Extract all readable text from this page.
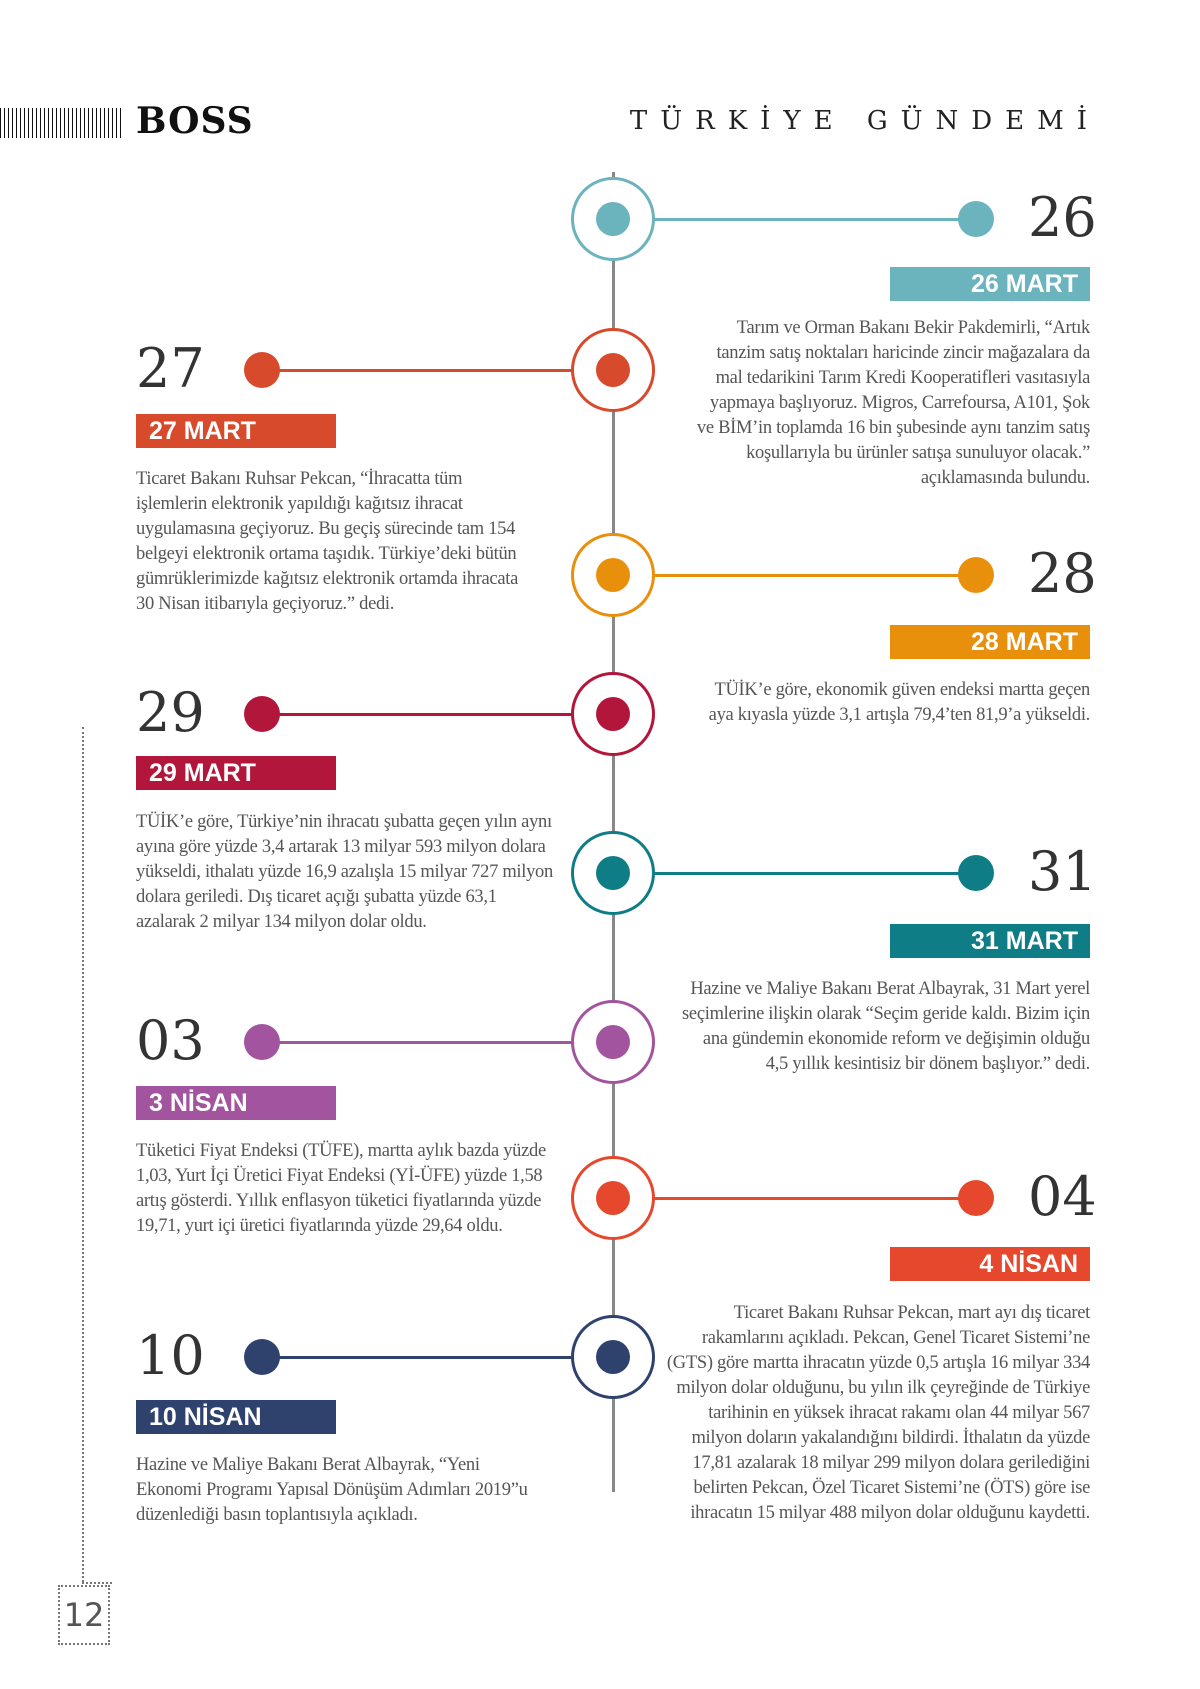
BOSS	TÜRKİYE GÜNDEMİ
26
26 MART
Tarım ve Orman Bakanı Bekir Pakdemirli, “Artık tanzim satış noktaları haricinde zincir mağazalara da mal tedarikini Tarım Kredi Kooperatifleri vasıtasıyla yapmaya başlıyoruz. Migros, Carrefoursa, A101, Şok ve BİM’in toplamda 16 bin şubesinde aynı tanzim satış koşullarıyla bu ürünler satışa sunuluyor olacak.” açıklamasında bulundu.
27
27 MART
Ticaret Bakanı Ruhsar Pekcan, “İhracatta tüm işlemlerin elektronik yapıldığı kağıtsız ihracat uygulamasına geçiyoruz. Bu geçiş sürecinde tam 154 belgeyi elektronik ortama taşıdık. Türkiye’deki bütün gümrüklerimizde kağıtsız elektronik ortamda ihracata 30 Nisan itibarıyla geçiyoruz.” dedi.	28
28 MART
TÜİK’e göre, ekonomik güven endeksi martta geçen aya kıyasla yüzde 3,1 artışla 79,4’ten 81,9’a yükseldi.
29
29 MART
TÜİK’e göre, Türkiye’nin ihracatı şubatta geçen yılın aynı ayına göre yüzde 3,4 artarak 13 milyar 593 milyon dolara yükseldi, ithalatı yüzde 16,9 azalışla 15 milyar 727 milyon dolara geriledi. Dış ticaret açığı şubatta yüzde 63,1 azalarak 2 milyar 134 milyon dolar oldu.
31
31 MART
Hazine ve Maliye Bakanı Berat Albayrak, 31 Mart yerel seçimlerine ilişkin olarak “Seçim geride kaldı. Bizim için ana gündemin ekonomide reform ve değişimin olduğu 4,5 yıllık kesintisiz bir dönem başlıyor.” dedi.
03
3 NİSAN
Tüketici Fiyat Endeksi (TÜFE), martta aylık bazda yüzde 1,03, Yurt İçi Üretici Fiyat Endeksi (Yİ-ÜFE) yüzde 1,58 artış gösterdi. Yıllık enflasyon tüketici fiyatlarında yüzde 19,71, yurt içi üretici fiyatlarında yüzde 29,64 oldu.	04
4 NİSAN
Ticaret Bakanı Ruhsar Pekcan, mart ayı dış ticaret rakamlarını açıkladı. Pekcan, Genel Ticaret Sistemi’ne (GTS) göre martta ihracatın yüzde 0,5 artışla 16 milyar 334 milyon dolar olduğunu, bu yılın ilk çeyreğinde de Türkiye tarihinin en yüksek ihracat rakamı olan 44 milyar 567 milyon doların yakalandığını bildirdi. İthalatın da yüzde 17,81 azalarak 18 milyar 299 milyon dolara gerilediğini belirten Pekcan, Özel Ticaret Sistemi’ne (ÖTS) göre ise ihracatın 15 milyar 488 milyon dolar olduğunu kaydetti.
10
10 NİSAN
Hazine ve Maliye Bakanı Berat Albayrak, “Yeni Ekonomi Programı Yapısal Dönüşüm Adımları 2019”u düzenlediği basın toplantısıyla açıkladı.
12
